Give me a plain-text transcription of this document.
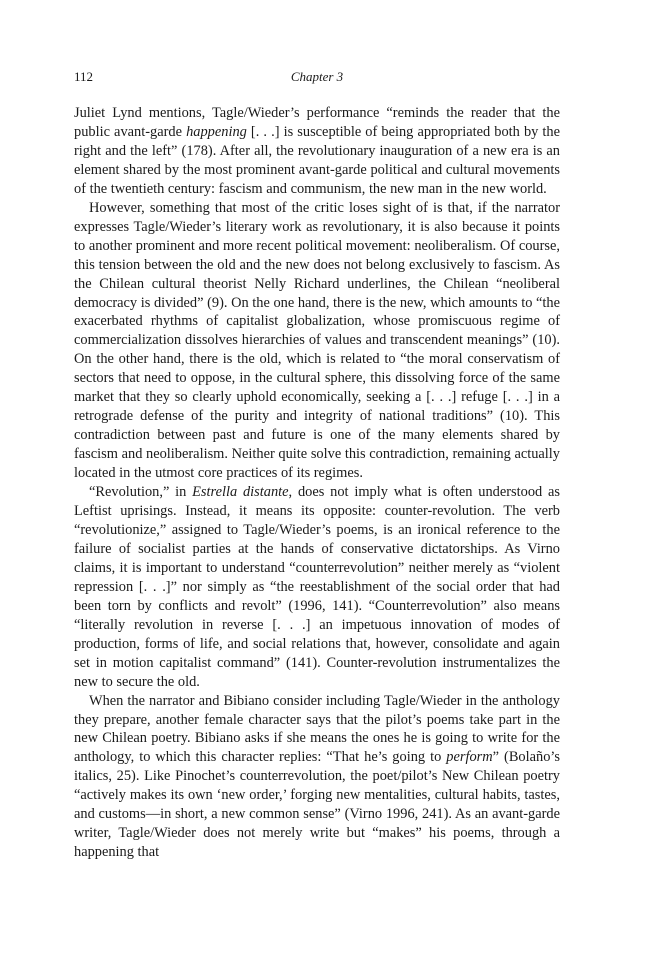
112	Chapter 3

Juliet Lynd mentions, Tagle/Wieder’s performance “reminds the reader that the public avant-garde happening [. . .] is susceptible of being appropriated both by the right and the left” (178). After all, the revolutionary inauguration of a new era is an element shared by the most prominent avant-garde political and cultural movements of the twentieth century: fascism and communism, the new man in the new world.

However, something that most of the critic loses sight of is that, if the narrator expresses Tagle/Wieder’s literary work as revolutionary, it is also because it points to another prominent and more recent political movement: neoliberalism. Of course, this tension between the old and the new does not belong exclusively to fascism. As the Chilean cultural theorist Nelly Richard underlines, the Chilean “neoliberal democracy is divided” (9). On the one hand, there is the new, which amounts to “the exacerbated rhythms of capitalist globalization, whose promiscuous regime of commercialization dissolves hierarchies of values and transcendent meanings” (10). On the other hand, there is the old, which is related to “the moral conservatism of sectors that need to oppose, in the cultural sphere, this dissolving force of the same market that they so clearly uphold economically, seeking a [. . .] refuge [. . .] in a retrograde defense of the purity and integrity of national traditions” (10). This contradiction between past and future is one of the many elements shared by fascism and neoliberalism. Neither quite solve this contradiction, remaining actually located in the utmost core practices of its regimes.

“Revolution,” in Estrella distante, does not imply what is often understood as Leftist uprisings. Instead, it means its opposite: counter-revolution. The verb “revolutionize,” assigned to Tagle/Wieder’s poems, is an ironical reference to the failure of socialist parties at the hands of conservative dictatorships. As Virno claims, it is important to understand “counterrevolution” neither merely as “violent repression [. . .]” nor simply as “the reestablishment of the social order that had been torn by conflicts and revolt” (1996, 141). “Counterrevolution” also means “literally revolution in reverse [. . .] an impetuous innovation of modes of production, forms of life, and social relations that, however, consolidate and again set in motion capitalist command” (141). Counter-revolution instrumentalizes the new to secure the old.

When the narrator and Bibiano consider including Tagle/Wieder in the anthology they prepare, another female character says that the pilot’s poems take part in the new Chilean poetry. Bibiano asks if she means the ones he is going to write for the anthology, to which this character replies: “That he’s going to perform” (Bolaño’s italics, 25). Like Pinochet’s counterrevolution, the poet/pilot’s New Chilean poetry “actively makes its own ‘new order,’ forging new mentalities, cultural habits, tastes, and customs—in short, a new common sense” (Virno 1996, 241). As an avant-garde writer, Tagle/Wieder does not merely write but “makes” his poems, through a happening that
